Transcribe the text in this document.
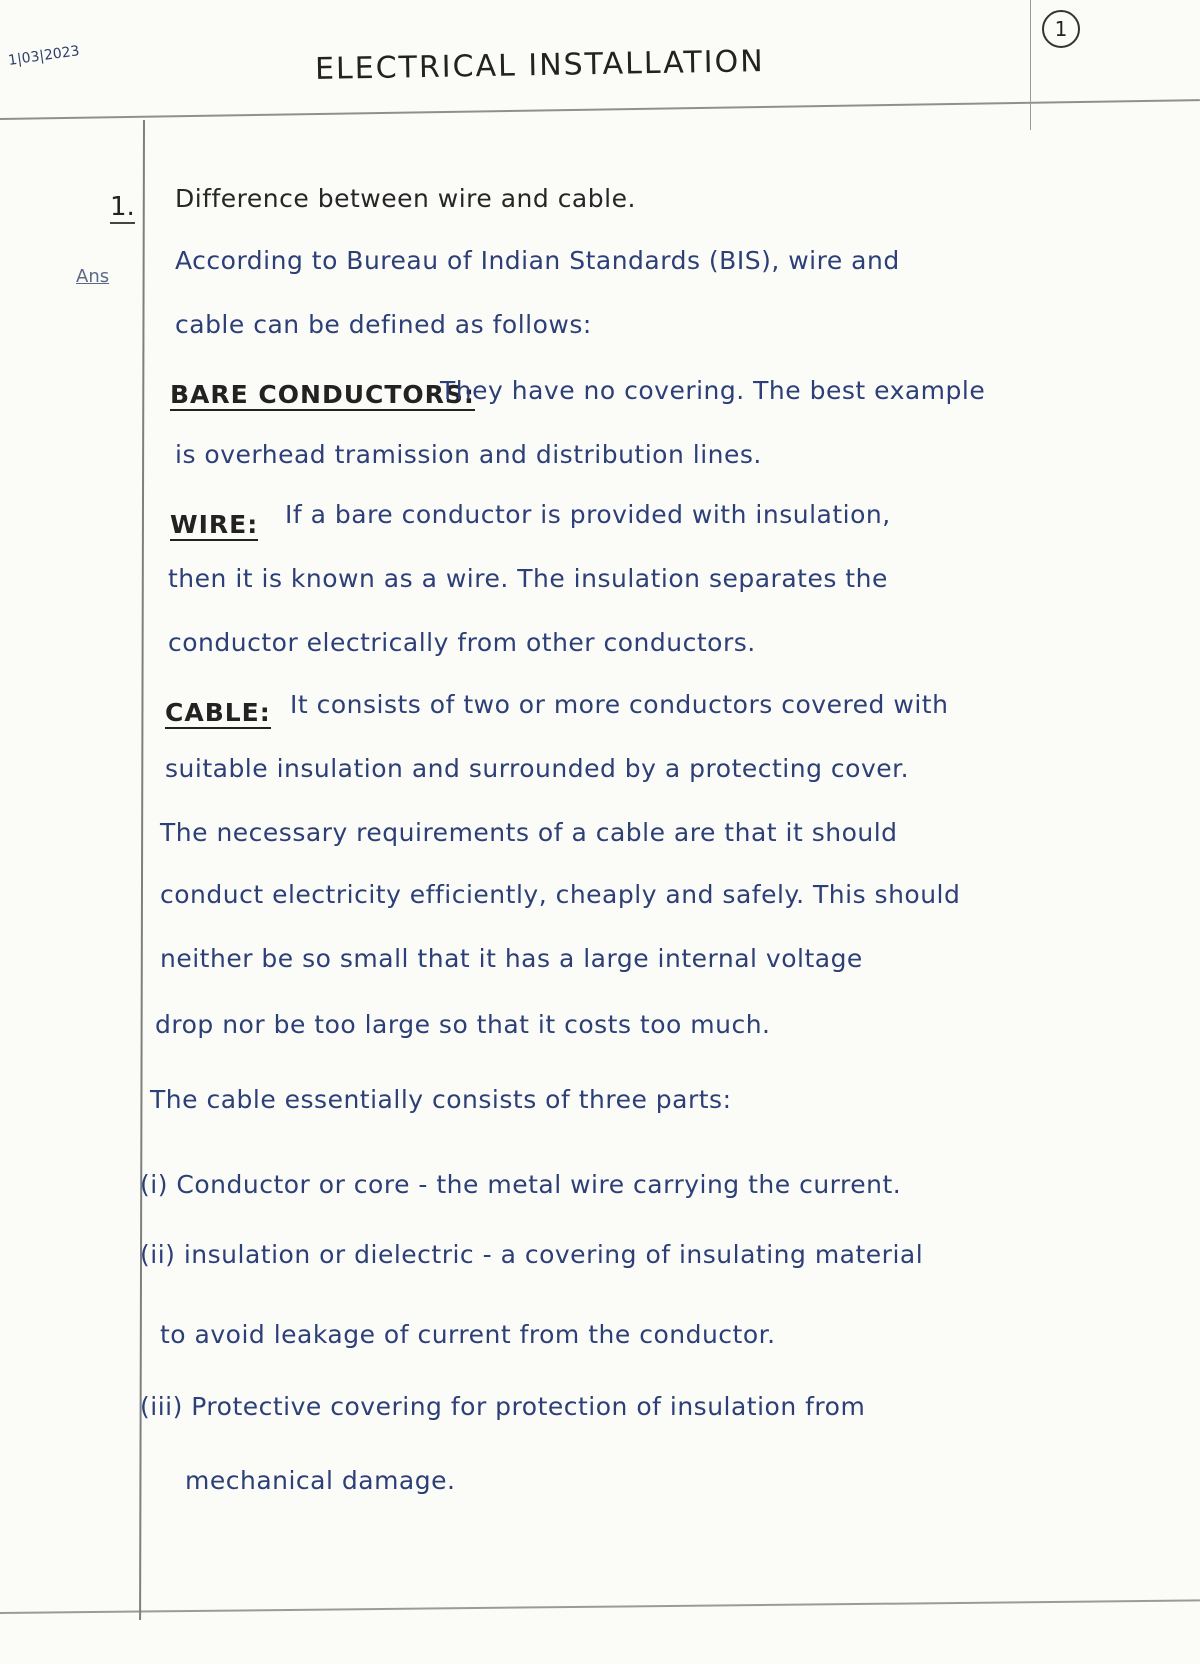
1|03|2023
1
ELECTRICAL INSTALLATION
1.
Ans
Difference between wire and cable.
According to Bureau of Indian Standards (BIS), wire and
cable can be defined as follows:
BARE CONDUCTORS:
They have no covering. The best example
is overhead tramission and distribution lines.
WIRE: If a bare conductor is provided with insulation,
then it is known as a wire. The insulation separates the
conductor electrically from other conductors.
CABLE: It consists of two or more conductors covered with
suitable insulation and surrounded by a protecting cover.
The necessary requirements of a cable are that it should
conduct electricity efficiently, cheaply and safely. This should
neither be so small that it has a large internal voltage
drop nor be too large so that it costs too much.
The cable essentially consists of three parts:
(i) Conductor or core - the metal wire carrying the current.
(ii) insulation or dielectric - a covering of insulating material
to avoid leakage of current from the conductor.
(iii) Protective covering for protection of insulation from
mechanical damage.
